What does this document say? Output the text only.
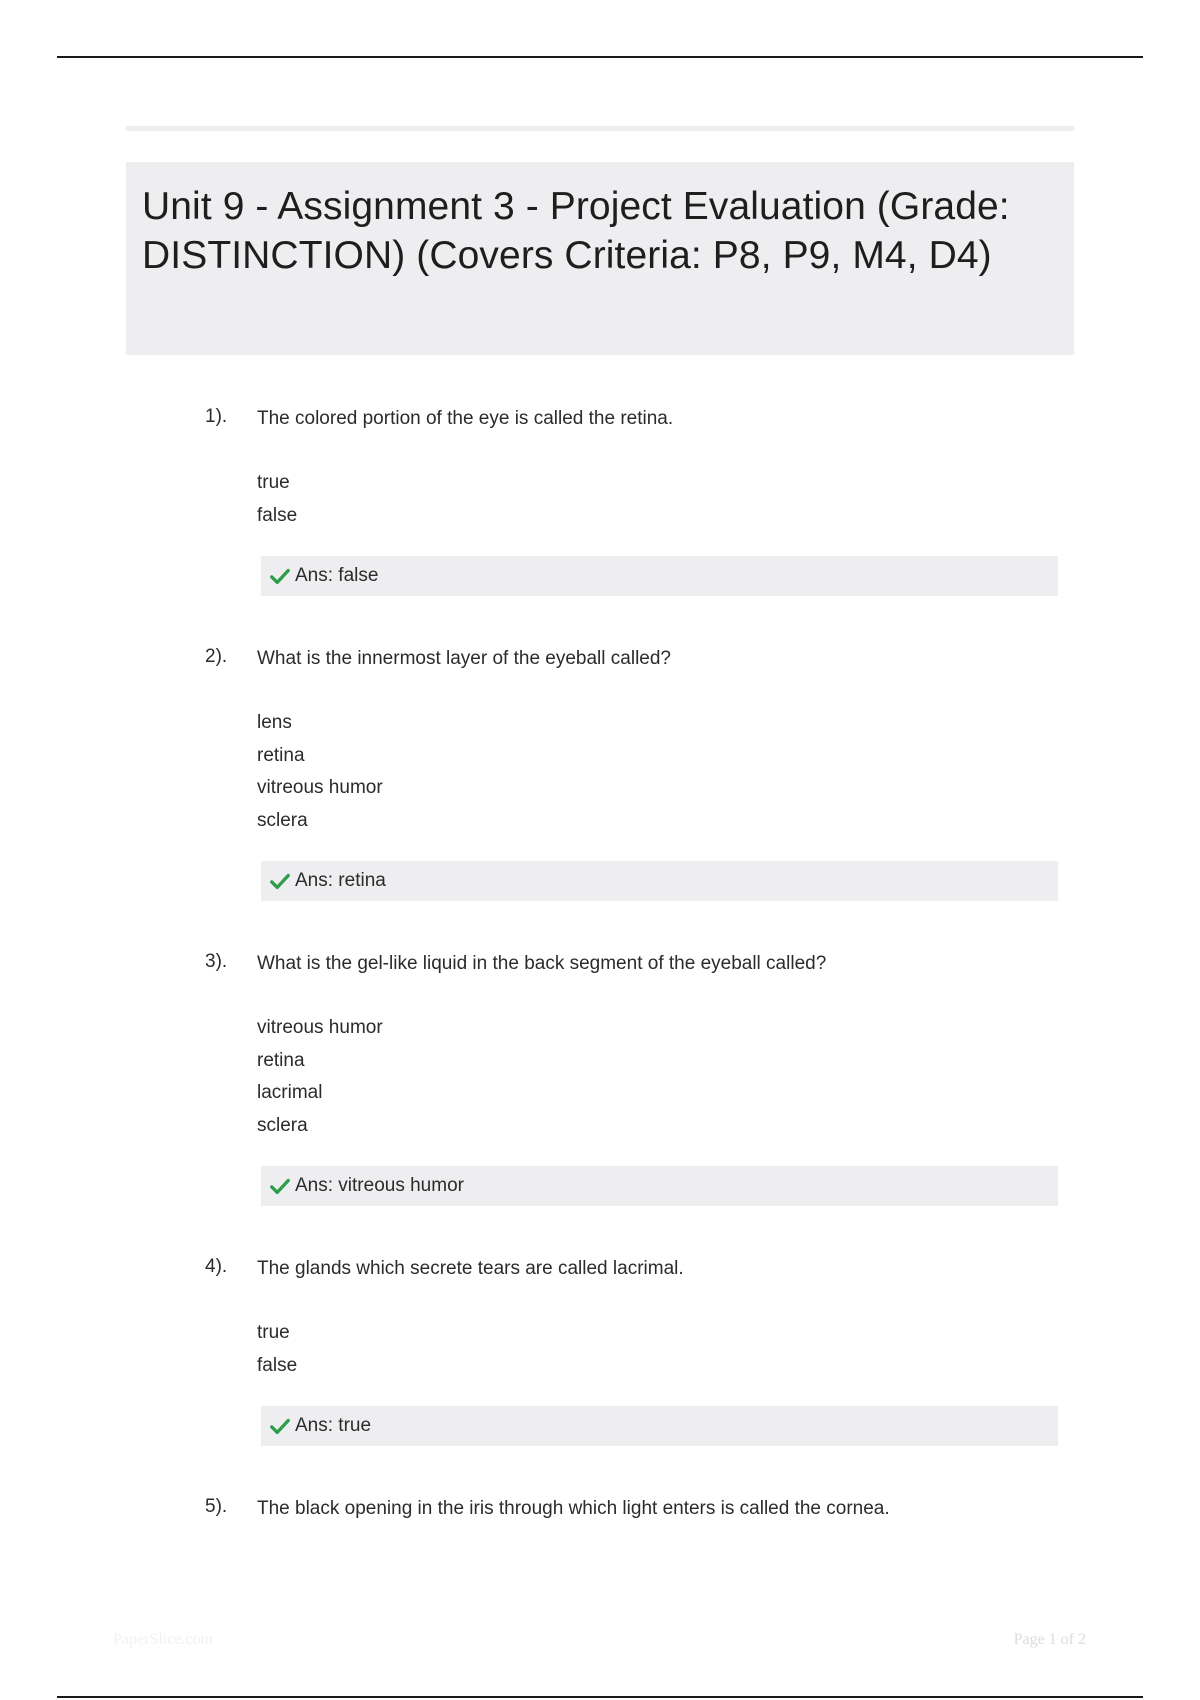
Unit 9 - Assignment 3 - Project Evaluation (Grade: DISTINCTION) (Covers Criteria: P8, P9, M4, D4)
1). The colored portion of the eye is called the retina.
true
false
Ans: false
2). What is the innermost layer of the eyeball called?
lens
retina
vitreous humor
sclera
Ans: retina
3). What is the gel-like liquid in the back segment of the eyeball called?
vitreous humor
retina
lacrimal
sclera
Ans: vitreous humor
4). The glands which secrete tears are called lacrimal.
true
false
Ans: true
5). The black opening in the iris through which light enters is called the cornea.
PaperSlice.com	Page 1 of 2
